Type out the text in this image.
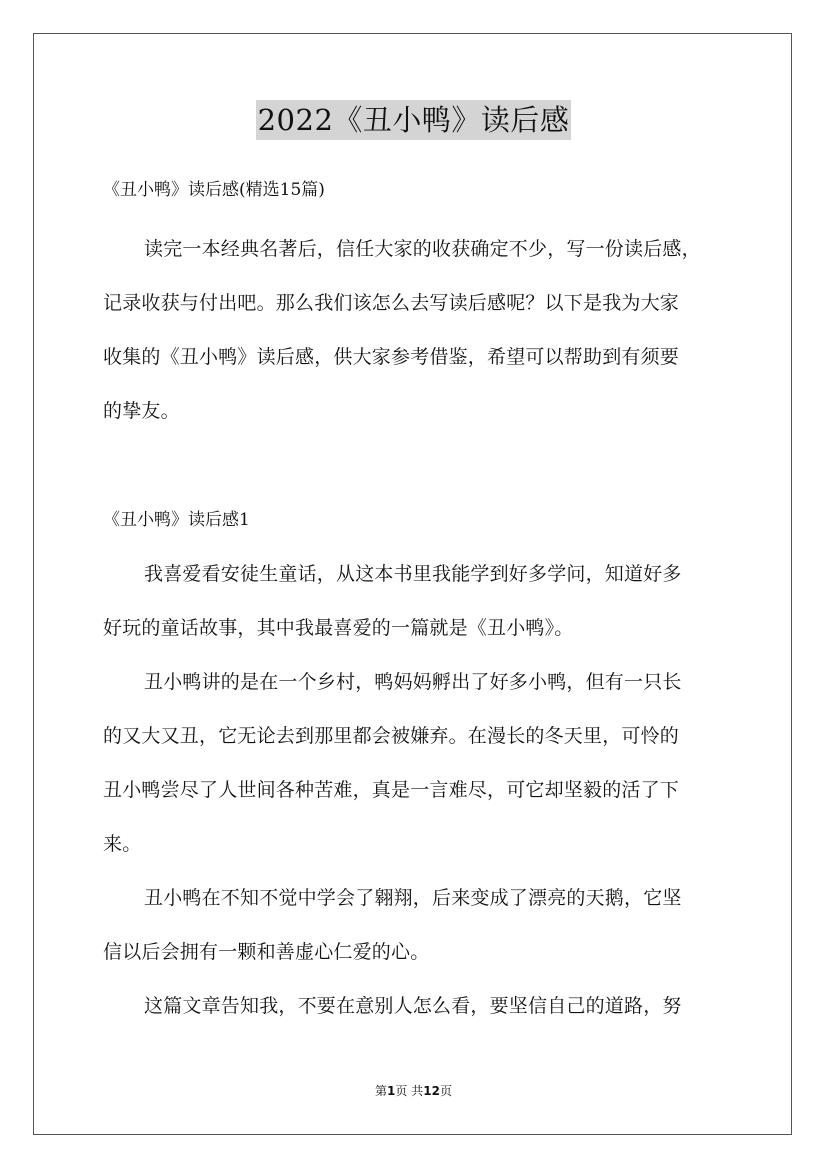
2022《丑小鸭》读后感
《丑小鸭》读后感(精选15篇)
读完一本经典名著后，信任大家的收获确定不少，写一份读后感，
记录收获与付出吧。那么我们该怎么去写读后感呢？以下是我为大家
收集的《丑小鸭》读后感，供大家参考借鉴，希望可以帮助到有须要
的挚友。
《丑小鸭》读后感1
我喜爱看安徒生童话，从这本书里我能学到好多学问，知道好多
好玩的童话故事，其中我最喜爱的一篇就是《丑小鸭》。
丑小鸭讲的是在一个乡村，鸭妈妈孵出了好多小鸭，但有一只长
的又大又丑，它无论去到那里都会被嫌弃。在漫长的冬天里，可怜的
丑小鸭尝尽了人世间各种苦难，真是一言难尽，可它却坚毅的活了下
来。
丑小鸭在不知不觉中学会了翱翔，后来变成了漂亮的天鹅，它坚
信以后会拥有一颗和善虚心仁爱的心。
这篇文章告知我，不要在意别人怎么看，要坚信自己的道路，努
第1页 共12页
